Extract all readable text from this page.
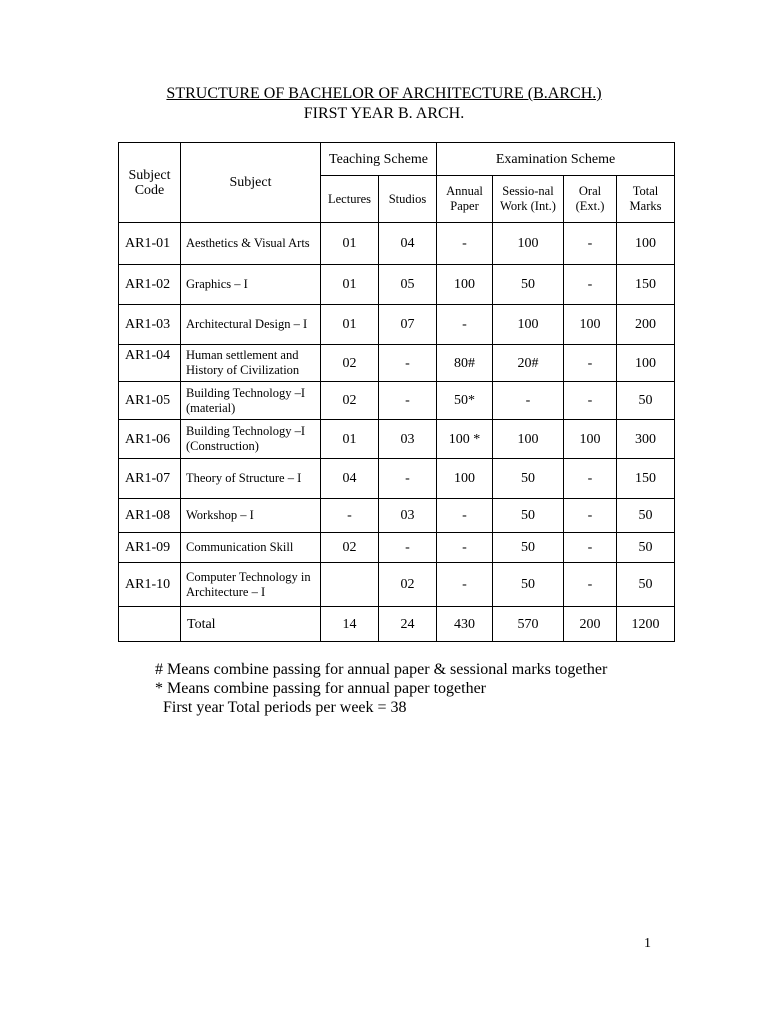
STRUCTURE OF BACHELOR OF ARCHITECTURE (B.ARCH.)
FIRST YEAR B. ARCH.
Subject Code	Subject	Teaching Scheme		Examination Scheme			
		Lectures	Studios	Annual Paper	Sessio-nal Work (Int.)	Oral (Ext.)	Total Marks
AR1-01	Aesthetics & Visual Arts	01	04	-	100	-	100
AR1-02	Graphics – I	01	05	100	50	-	150
AR1-03	Architectural Design – I	01	07	-	100	100	200
AR1-04	Human settlement and History of Civilization	02	-	80#	20#	-	100
AR1-05	Building Technology –I (material)	02	-	50*	-	-	50
AR1-06	Building Technology –I (Construction)	01	03	100 *	100	100	300
AR1-07	Theory of Structure – I	04	-	100	50	-	150
AR1-08	Workshop – I	-	03	-	50	-	50
AR1-09	Communication Skill	02	-	-	50	-	50
AR1-10	Computer Technology in Architecture – I		02	-	50	-	50
	Total	14	24	430	570	200	1200
# Means combine passing for annual paper & sessional marks together
* Means combine passing for annual paper together
First year Total periods per week = 38
1
